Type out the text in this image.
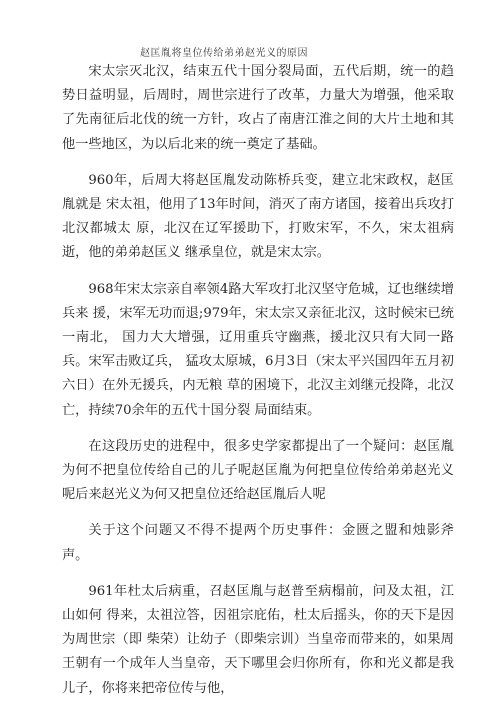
赵匡胤将皇位传给弟弟赵光义的原因

宋太宗灭北汉，结束五代十国分裂局面，五代后期，统一的趋势日益明显，后周时，周世宗进行了改革，力量大为增强，他采取了先南征后北伐的统一方针，攻占了南唐江淮之间的大片土地和其他一些地区，为以后北来的统一奠定了基础。

960年，后周大将赵匡胤发动陈桥兵变，建立北宋政权，赵匡胤就是 宋太祖，他用了13年时间，消灭了南方诸国，接着出兵攻打北汉都城太 原，北汉在辽军援助下，打败宋军，不久，宋太祖病逝，他的弟弟赵匡义 继承皇位，就是宋太宗。

968年宋太宗亲自率领4路大军攻打北汉坚守危城，辽也继续增兵来 援，宋军无功而退;979年，宋太宗又亲征北汉，这时候宋已统一南北， 国力大大增强，辽用重兵守幽燕，援北汉只有大同一路兵。宋军击败辽兵， 猛攻太原城，6月3日（宋太平兴国四年五月初六日）在外无援兵，内无粮 草的困境下，北汉主刘继元投降，北汉亡，持续70余年的五代十国分裂 局面结束。

在这段历史的进程中，很多史学家都提出了一个疑问：赵匡胤为何不把皇位传给自己的儿子呢赵匡胤为何把皇位传给弟弟赵光义呢后来赵光义为何又把皇位还给赵匡胤后人呢

关于这个问题又不得不提两个历史事件：金匮之盟和烛影斧声。

961年杜太后病重，召赵匡胤与赵普至病榻前，问及太祖，江山如何 得来，太祖泣答，因祖宗庇佑，杜太后摇头，你的天下是因为周世宗（即 柴荣）让幼子（即柴宗训）当皇帝而带来的，如果周王朝有一个成年人当皇帝，天下哪里会归你所有，你和光义都是我儿子，你将来把帝位传与他，
